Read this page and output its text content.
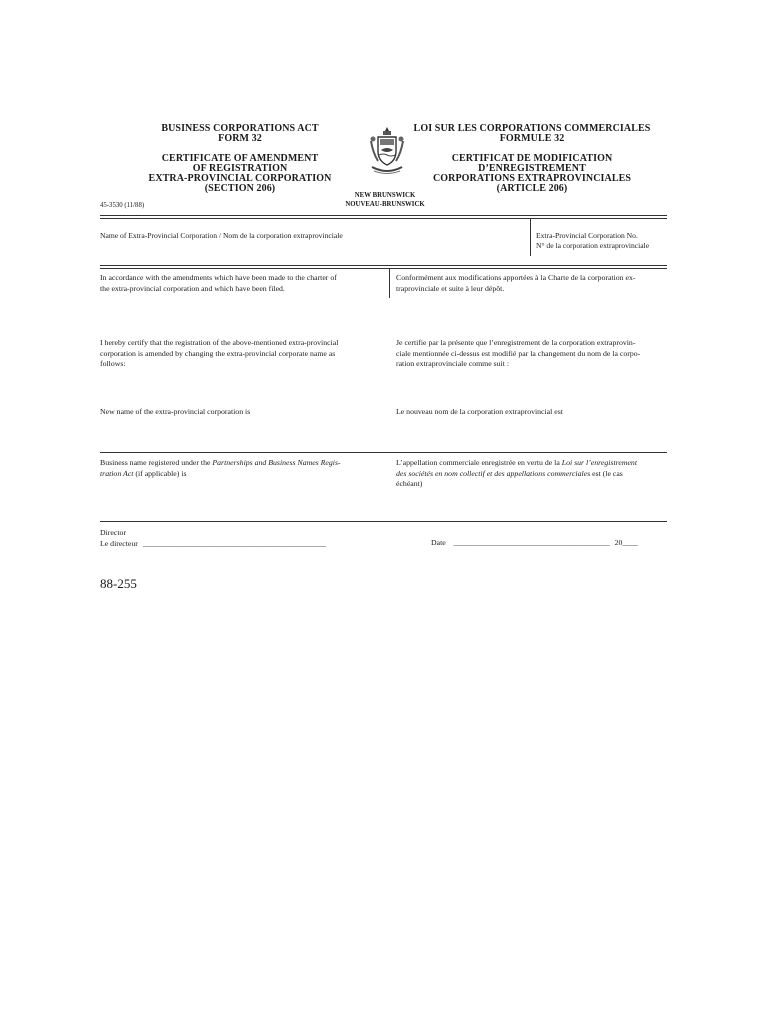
BUSINESS CORPORATIONS ACT
FORM 32
CERTIFICATE OF AMENDMENT
OF REGISTRATION
EXTRA-PROVINCIAL CORPORATION
(SECTION 206)
NEW BRUNSWICK
NOUVEAU-BRUNSWICK
LOI SUR LES CORPORATIONS COMMERCIALES
FORMULE 32
CERTIFICAT DE MODIFICATION
D’ENREGISTREMENT
CORPORATIONS EXTRAPROVINCIALES
(ARTICLE 206)
45-3530 (11/88)
Name of Extra-Provincial Corporation / Nom de la corporation extraprovinciale	Extra-Provincial Corporation No.
N° de la corporation extraprovinciale
In accordance with the amendments which have been made to the charter of
the extra-provincial corporation and which have been filed.
Conformément aux modifications apportées à la Charte de la corporation ex-
traprovinciale et suite à leur dépôt.
I hereby certify that the registration of the above-mentioned extra-provincial
corporation is amended by changing the extra-provincial corporate name as
follows:
Je certifie par la présente que l’enregistrement de la corporation extraprovin-
ciale mentionnée ci-dessus est modifié par la changement du nom de la corpo-
ration extraprovinciale comme suit :
New name of the extra-provincial corporation is	Le nouveau nom de la corporation extraprovincial est
Business name registered under the Partnerships and Business Names Regis-
tration Act (if applicable) is
L’appellation commerciale enregistrée en vertu de la Loi sur l’enregistrement
des sociétés en nom collectif et des appellations commerciales est (le cas
échéant)
Director
Le directeur _______________________________________________	Date ________________________________________ 20____
88-255
